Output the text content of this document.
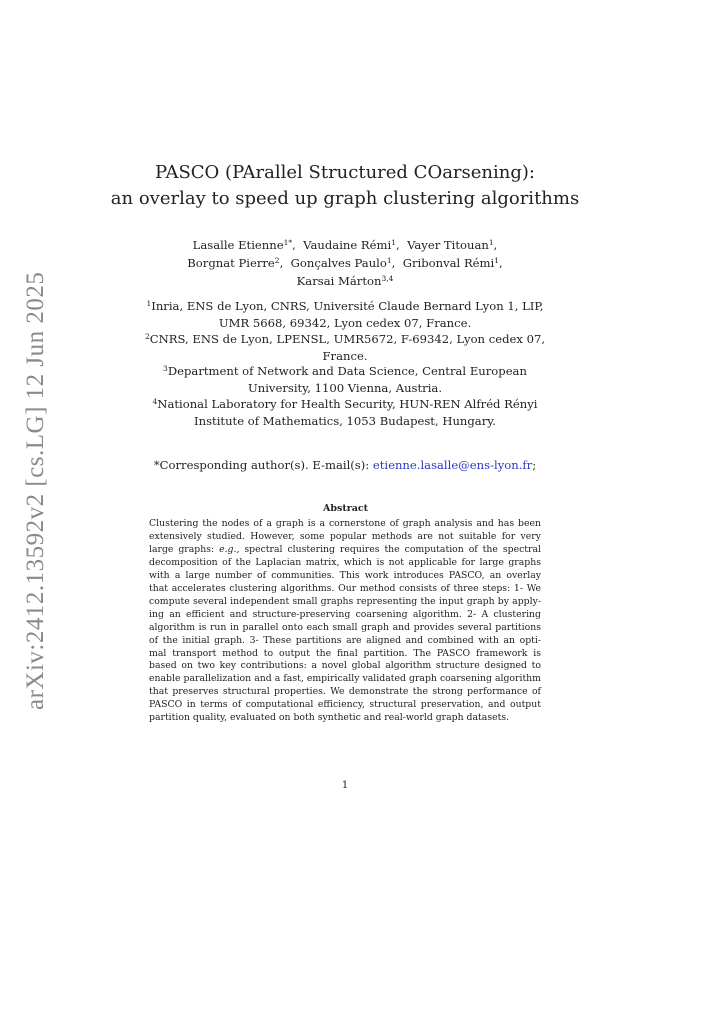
arXiv:2412.13592v2 [cs.LG] 12 Jun 2025
PASCO (PArallel Structured COarsening):
an overlay to speed up graph clustering algorithms
Lasalle Etienne$^{1*}$,  Vaudaine Rémi$^1$,  Vayer Titouan$^1$,
Borgnat Pierre$^2$,  Gonçalves Paulo$^1$,  Gribonval Rémi$^1$,
Karsai Márton$^{3,4}$
$^1$Inria, ENS de Lyon, CNRS, Université Claude Bernard Lyon 1, LIP,
UMR 5668, 69342, Lyon cedex 07, France.
$^2$CNRS, ENS de Lyon, LPENSL, UMR5672, F-69342, Lyon cedex 07,
France.
$^3$Department of Network and Data Science, Central European
University, 1100 Vienna, Austria.
$^4$National Laboratory for Health Security, HUN-REN Alfréd Rényi
Institute of Mathematics, 1053 Budapest, Hungary.
*Corresponding author(s). E-mail(s): etienne.lasalle@ens-lyon.fr;
Abstract
Clustering the nodes of a graph is a cornerstone of graph analysis and has been
extensively studied. However, some popular methods are not suitable for very
large graphs: e.g., spectral clustering requires the computation of the spectral
decomposition of the Laplacian matrix, which is not applicable for large graphs
with a large number of communities. This work introduces PASCO, an overlay
that accelerates clustering algorithms. Our method consists of three steps: 1- We
compute several independent small graphs representing the input graph by apply-
ing an efficient and structure-preserving coarsening algorithm. 2- A clustering
algorithm is run in parallel onto each small graph and provides several partitions
of the initial graph. 3- These partitions are aligned and combined with an opti-
mal transport method to output the final partition. The PASCO framework is
based on two key contributions: a novel global algorithm structure designed to
enable parallelization and a fast, empirically validated graph coarsening algorithm
that preserves structural properties. We demonstrate the strong performance of
PASCO in terms of computational efficiency, structural preservation, and output
partition quality, evaluated on both synthetic and real-world graph datasets.
1
